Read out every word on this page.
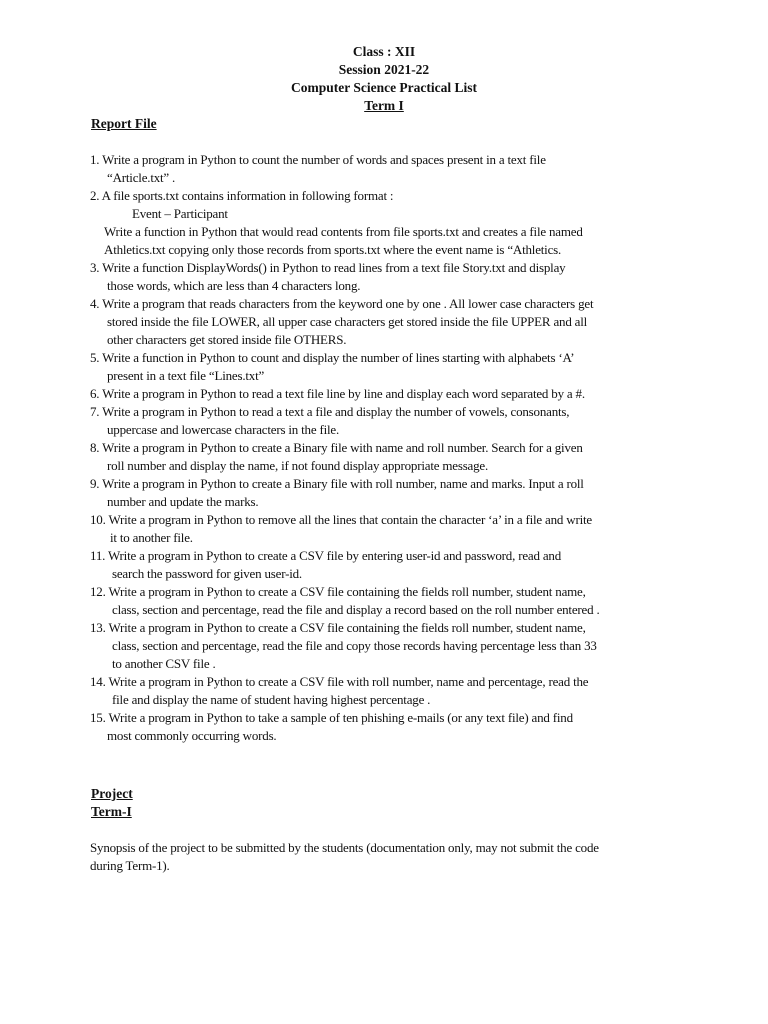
Class : XII
Session 2021-22
Computer Science Practical List
Term I
Report File
1. Write a program in Python to count the number of words and spaces present in a text file
“Article.txt” .
2. A file sports.txt contains information in following format :
Event – Participant
Write a function in Python that would read contents from file sports.txt and creates a file named
Athletics.txt copying only those records from sports.txt where the event name is “Athletics.
3. Write a function DisplayWords() in Python to read lines from a text file Story.txt and display
those words, which are less than 4 characters long.
4. Write a program that reads characters from the keyword one by one . All lower case characters get
stored inside the file LOWER, all upper case characters get stored inside the file UPPER and all
other characters get stored inside file OTHERS.
5. Write a function in Python to count and display the number of lines starting with alphabets ‘A’
present in a text file “Lines.txt”
6. Write a program in Python to read a text file line by line and display each word separated by a #.
7. Write a program in Python to read a text a file and display the number of vowels, consonants,
uppercase and lowercase characters in the file.
8. Write a program in Python to create a Binary file with name and roll number. Search for a given
roll number and display the name, if not found display appropriate message.
9. Write a program in Python to create a Binary file with roll number, name and marks. Input a roll
number and update the marks.
10. Write a program in Python to remove all the lines that contain the character ‘a’ in a file and write
it to another file.
11. Write a program in Python to create a CSV file by entering user-id and password, read and
search the password for given user-id.
12. Write a program in Python to create a CSV file containing the fields roll number, student name,
class, section and percentage, read the file and display a record based on the roll number entered .
13. Write a program in Python to create a CSV file containing the fields roll number, student name,
class, section and percentage, read the file and copy those records having percentage less than 33
to another CSV file .
14. Write a program in Python to create a CSV file with roll number, name and percentage, read the
file and display the name of student having highest percentage .
15. Write a program in Python to take a sample of ten phishing e-mails (or any text file) and find
most commonly occurring words.
Project
Term-I
Synopsis of the project to be submitted by the students (documentation only, may not submit the code
during Term-1).
